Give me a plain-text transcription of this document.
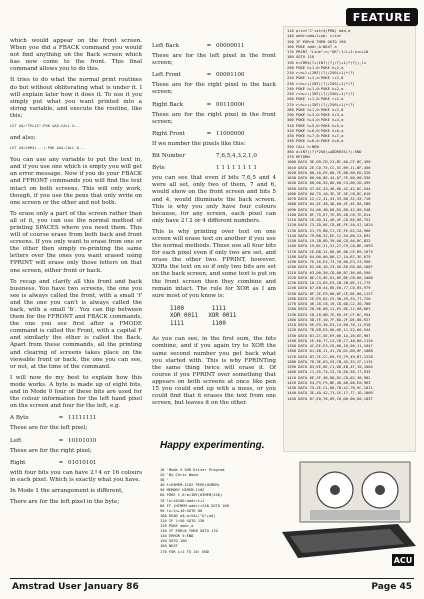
FEATURE

which would appear on the front screen. When you did a FBACK command you would not find anything on the Back screen which has now come to the front. This final command allows you to do this.

It tries to do what the normal print routines do but without obliterating what is under it. I will explain later how it does it. To use it you simply put what you want printed into a string variable, and execute the routine, like this;

LET A$="FELIX":POK &A$:CALL &...

and also;

LET A$=CHR$(...):POK &A$:CALL &...

You can use any variable to put the text in, and if you use one which is empty you will get an error message. Now if you do your FBACK and FFRONT commands you will find the text intact on both screens. This will only work, though, if you use the pens that only write on one screen or the other and not both.

To erase only a part of the screen rather than all of it, you can use the normal method of printing SPACES where you need them. This will of course erase from both back and front screens. If you only want to erase from one or the other then simply re-printing the same letters over the ones you want erased using FPRINT will erase only those letters on that one screen, either front or back.

To recap and clarify all this front and back business. You have two screens, the one you see is always called the front, with a small 'f' and the one you can't is always called the back, with a small 'b'. You can flip between them for the FFRONT and FBACK commands, the one you see first after a FMODE command is called the Front, with a capital F and similarly the other is called the Back. Apart from these commands, all the printing and clearing of screens takes place on the viewable front or back, the one you can see, or not, at the time of the command.

I will now do my best to explain how this mode works. A byte is made up of eight bits, and in Mode 0 four of these bits are used for the colour information for the left hand pixel on the screen and four for the left, e.g.

A Byte	= 11111111

These are for the left pixel;

Left	= 10101010

These are for the right pixel;

Right	= 01010101

with four bits you can have 2↑4 or 16 colours in each pixel. Which is exactly what you have.

In Mode 1 the arrangement is different,

There are for the left pixel in the byte;

Left Back	= 00000011

These are for the left pixel in the front screen;

Left Front	= 00001100

These are for the right pixel in the back screen;

Right Back	= 00110000

These are for the right pixel in the front screen;

Right Front	= 11000000

If we number the pixels like this:

Bit Number	7,6,5,4,3,2,1,0
Byte	1 1 1 1 1 1 1 1

you can see that even if bits 7,6,5 and 4 were all set, only two of them, 7 and 6, would show on the front screen and bits 5 and 4, would illuminate the back screen. This is why you only have four colours because, for any screen, each pixel can only have 2↑2 or 4 different numbers.

This is why printing over text on one screen will erase text on another if you use the normal methods. These use all four bits for each pixel even if only two are set, and erase the other two. FPRINT, however, XORs the text on so if only two bits are set on the back screen, and some text is put on the front screen then they combine and remain intact. The rule for XOR as I am sure most of you know is:

1100        1111
XOR 0011   XOR 0011
1111        1100

As you can see, in the first sum, the bits combine, and if you again try to XOR the same second number you get back what you started with. This is why FPRINTing the same thing twice will erase it. Of course if you FPRINT over something that appears on both screens at once like pen 15 you could end up with a mess, or you could find that it erases the text from one screen, but leaves it on the other.

Happy experimenting.
110 print"C"+str$(PEN) add,a
140 addr=add+l+ob: i=int
150 IF ERR>0 THEN GOTO 190
160 POKE addr,A:NEXT a
170 PRINT "Line";n;"OK":l=l+1:n=n+10
180 GOTO 110
190 h=CHR$(?+(INT((?)/?)+1)*(?)),lv
200 POKE h+1,0:POKE h+2,a
210 r=h+l+(INT((?)/256)+1)*(?)
220 POKE r+1,a:POKE r+2,0
230 r=h+r+(INT((?)/256)+1)*(?)
240 POKE h+1,0:POKE h+2,a
250 r=h+r+(INT((?)/256)+1)*(?)
260 POKE r+1,0:POKE r+2,a
270 r=h+r+(INT((?)/256)+1)*(?)
280 POKE h+1,0:POKE h+2,0
290 POKE h+3,0:POKE h+3,a
300 POKE h+4,0:POKE h+4,a
310 POKE h+5,0:POKE h+5,a
320 POKE h+6,0:POKE h+6,a
330 POKE h+7,0:POKE h+7,a
340 POKE h+8,0:POKE h+8,a
350 CALL h:NEW
360 d=INT((?)*256)+ADDRESS(?):END
370 RETURN
1000 DATA 3E,09,CD,21,BC,6A,CF,BC,490
1010 DATA 2E,CD,75,CC,3C,B9,11,BF,456
1020 DATA 80,10,EE,08,7E,00,00,ED,528
1030 DATA 00,00,0E,44,07,7E,00,00,536
1040 DATA 00,06,55,00,00,C3,00,2D,495
1050 DATA 47,0C,43,48,06,42,42,8C,544
1060 DATA 0A,75,10,3E,3F,5E,C8,8C,610
1070 DATA 12,C2,41,43,33,00,32,45,718
1080 DATA 04,4F,48,4D,00,4F,4E,8A,586
1090 DATA 54,00,4B,00,D5,68,42,00,548
1100 DATA 0F,75,67,7E,05,48,C8,7E,614
1110 DATA 1E,3D,51,46,4F,CD,85,06,752
1120 DATA C3,2D,0E,CD,8E,FE,5A,47,1024
1130 DATA 21,79,B8,C1,CE,FE,62,2A,966
1140 DATA 79,B8,52,EE,C2,54,00,23,692
1150 DATA 15,2B,0D,39,A0,CD,A6,BC,822
1160 DATA 19,BC,21,31,27,C9,C8,BE,1093
1170 DATA 1E,DB,11,06,0E,06,CE,B9,1075
1180 DATA 64,00,00,06,17,1A,B7,3E,679
1190 DATA 7E,16,E4,73,70,00,E3,23,956
1200 DATA 62,06,1D,23,56,E6,ED,00,1007
1210 DATA 63,00,30,CD,00,B7,36,00,590
1220 DATA 8E,C5,0E,01,0E,BE,CB,06,1008
1230 DATA 10,23,D5,E3,2B,2B,0E,11,775
1240 DATA 07,EB,44,B5,E6,77,C0,05,979
1250 DATA 0F,2E,E9,00,0F,CE,0E,00,1127
1260 DATA 2E,E9,02,C9,38,49,33,77,720
1270 DATA 46,18,C8,19,CD,0D,C2,30,780
1280 DATA 28,36,08,11,E5,0E,12,08,663
1290 DATA 18,18,0B,7E,E6,5F,CF,6C,954
1300 DATA 3D,7E,10,7F,8A,2F,DE,00,927
1310 DATA 5E,E9,30,E3,14,00,78,11,918
1320 DATA 7D,EB,E5,0A,0E,11,52,66,944
1330 DATA 81,2C,5E,E9,06,1A,20,EE,907
1340 DATA 1E,46,77,C4,CD,C7,48,00,1126
1350 DATA 4C,EE,E3,C6,00,10,00,11,1047
1360 DATA 01,48,11,41,28,D1,D0,0F,1088
1370 DATA 07,7E,CC,E6,F5,79,49,B7,1228
1380 DATA 78,3E,63,25,CB,45,33,CF,1131
1390 DATA 83,EE,0E,C1,00,EB,4F,10,1004
1400 DATA 11,55,74,23,70,E0,58,17,933
1410 DATA 6E,3F,4B,D0,02,CD,02,30,902
1420 DATA 54,F5,F5,8E,48,00,08,E0,963
1430 DATA 75,2E,C1,00,78,42,7B,9C,1011
1440 DATA 3E,4A,42,71,1E,17,77,1D,1060
1450 DATA 87,E0,76,69,C0,D0,00,00,1037
10 'Mode 5 XOR Driver Program
20 'By Chris Wood.
30 '
40 t=HIMEM-1102 PEEK(HIMEM)
50 MEMORY HIMEM-1102
60 POKE t,0:b=INT(HIMEM/256)
70 ln=10100:addr=t+1
80 IF (HIMEM-addr)>240 GOTO 100
90 ln=ln+10:GOTO 80
100 READ a$:a=VAL("&"+a$)
110 IF l=50 GOTO 130
120 POKE addr,a
130 IF ERR>0 THEN GOTO 170
140 ERROR 5:END
150 GOTO 100
160 NEXT
170 FOR i=1 TO 10: END
ACU
Amstrad User January 86	Page 45
